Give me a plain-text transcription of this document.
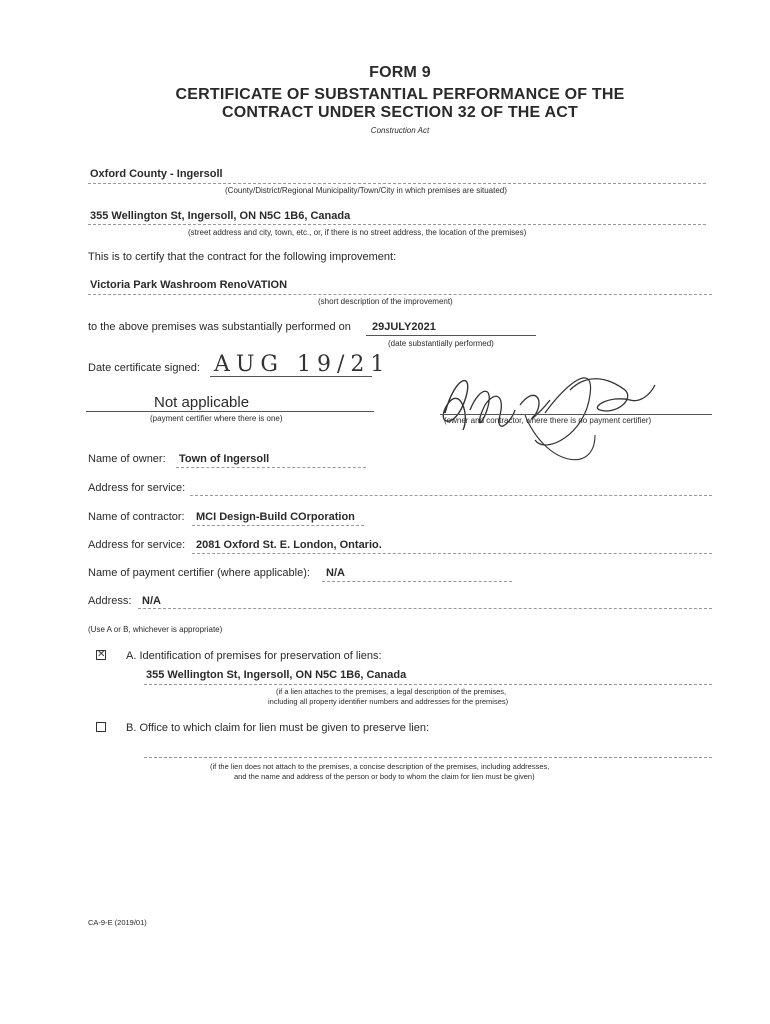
FORM 9
CERTIFICATE OF SUBSTANTIAL PERFORMANCE OF THE
CONTRACT UNDER SECTION 32 OF THE ACT
Construction Act
Oxford County - Ingersoll
(County/District/Regional Municipality/Town/City in which premises are situated)
355 Wellington St, Ingersoll, ON N5C 1B6, Canada
(street address and city, town, etc., or, if there is no street address, the location of the premises)
This is to certify that the contract for the following improvement:
Victoria Park Washroom RenoVATION
(short description of the improvement)
to the above premises was substantially performed on 29JULY2021
(date substantially performed)
Date certificate signed: AUG 19/21
Not applicable
(payment certifier where there is one)	(owner and contractor, where there is no payment certifier)
Name of owner: Town of Ingersoll
Address for service:
Name of contractor: MCI Design-Build COrporation
Address for service: 2081 Oxford St. E. London, Ontario.
Name of payment certifier (where applicable): N/A
Address: N/A
(Use A or B, whichever is appropriate)
✕ A. Identification of premises for preservation of liens:
355 Wellington St, Ingersoll, ON N5C 1B6, Canada
(if a lien attaches to the premises, a legal description of the premises,
including all property identifier numbers and addresses for the premises)
B. Office to which claim for lien must be given to preserve lien:
(if the lien does not attach to the premises, a concise description of the premises, including addresses,
and the name and address of the person or body to whom the claim for lien must be given)
CA-9-E (2019/01)
